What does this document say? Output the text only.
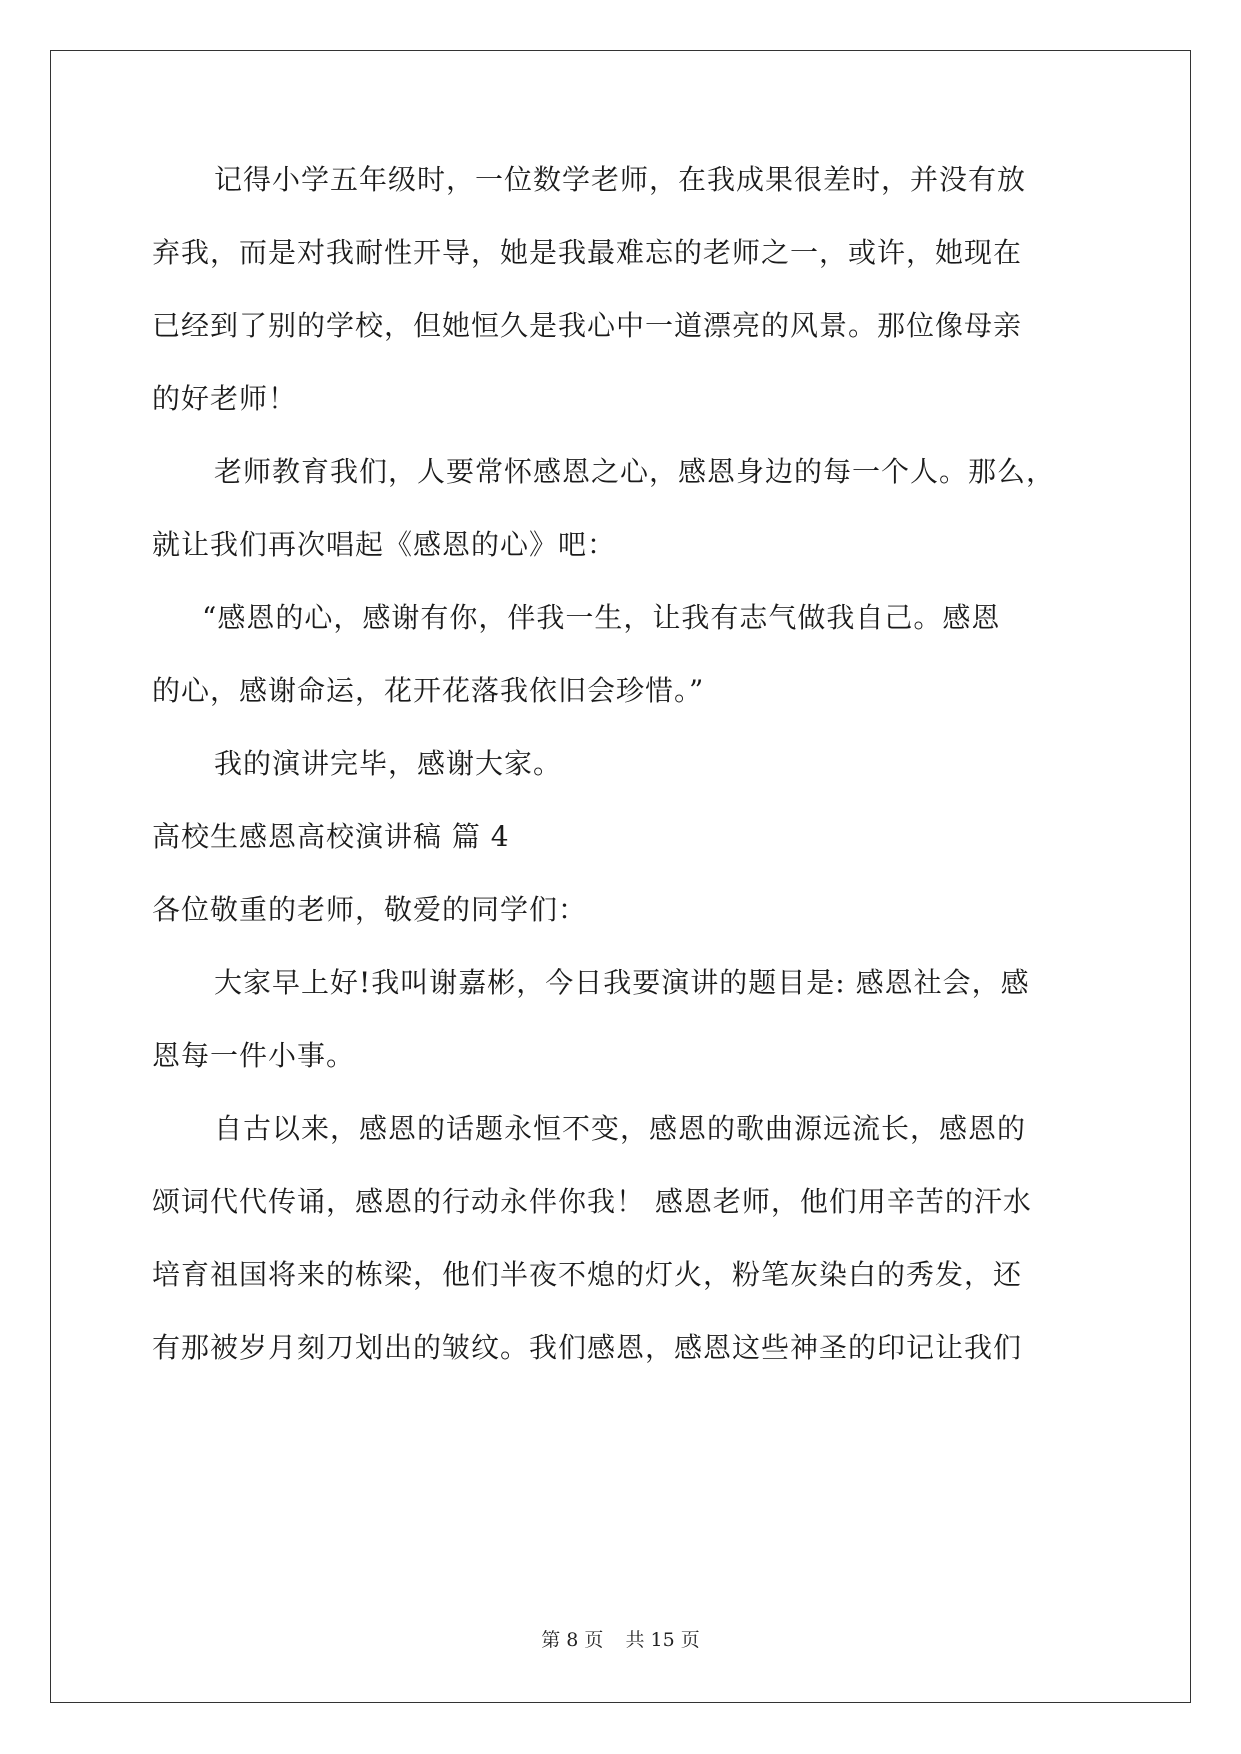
记得小学五年级时，一位数学老师，在我成果很差时，并没有放
弃我，而是对我耐性开导，她是我最难忘的老师之一，或许，她现在
已经到了别的学校，但她恒久是我心中一道漂亮的风景。那位像母亲
的好老师！
老师教育我们，人要常怀感恩之心，感恩身边的每一个人。那么，
就让我们再次唱起《感恩的心》吧：
“感恩的心，感谢有你，伴我一生，让我有志气做我自己。感恩
的心，感谢命运，花开花落我依旧会珍惜。”
我的演讲完毕，感谢大家。
高校生感恩高校演讲稿 篇 4
各位敬重的老师，敬爱的同学们：
大家早上好!我叫谢嘉彬，今日我要演讲的题目是: 感恩社会，感
恩每一件小事。
自古以来，感恩的话题永恒不变，感恩的歌曲源远流长，感恩的
颂词代代传诵，感恩的行动永伴你我！ 感恩老师，他们用辛苦的汗水
培育祖国将来的栋梁，他们半夜不熄的灯火，粉笔灰染白的秀发，还
有那被岁月刻刀划出的皱纹。我们感恩，感恩这些神圣的印记让我们
第 8 页 共 15 页
